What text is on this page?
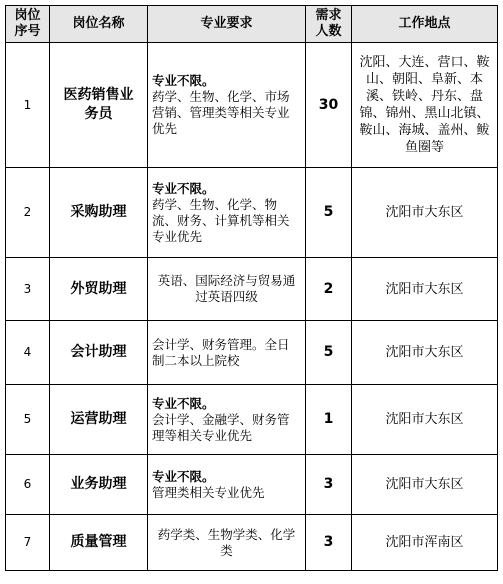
岗位序号	岗位名称	专业要求	需求人数	工作地点
1	医药销售业务员	专业不限。
药学、生物、化学、市场营销、管理类等相关专业优先	30	沈阳、大连、营口、鞍山、朝阳、阜新、本溪、铁岭、丹东、盘锦、锦州、黑山北镇、鞍山、海城、盖州、鲅鱼圈等
2	采购助理	专业不限。
药学、生物、化学、物流、财务、计算机等相关专业优先	5	沈阳市大东区
3	外贸助理	英语、国际经济与贸易通过英语四级	2	沈阳市大东区
4	会计助理	会计学、财务管理。全日制二本以上院校	5	沈阳市大东区
5	运营助理	专业不限。
会计学、金融学、财务管理等相关专业优先	1	沈阳市大东区
6	业务助理	专业不限。
管理类相关专业优先	3	沈阳市大东区
7	质量管理	药学类、生物学类、化学类	3	沈阳市浑南区
